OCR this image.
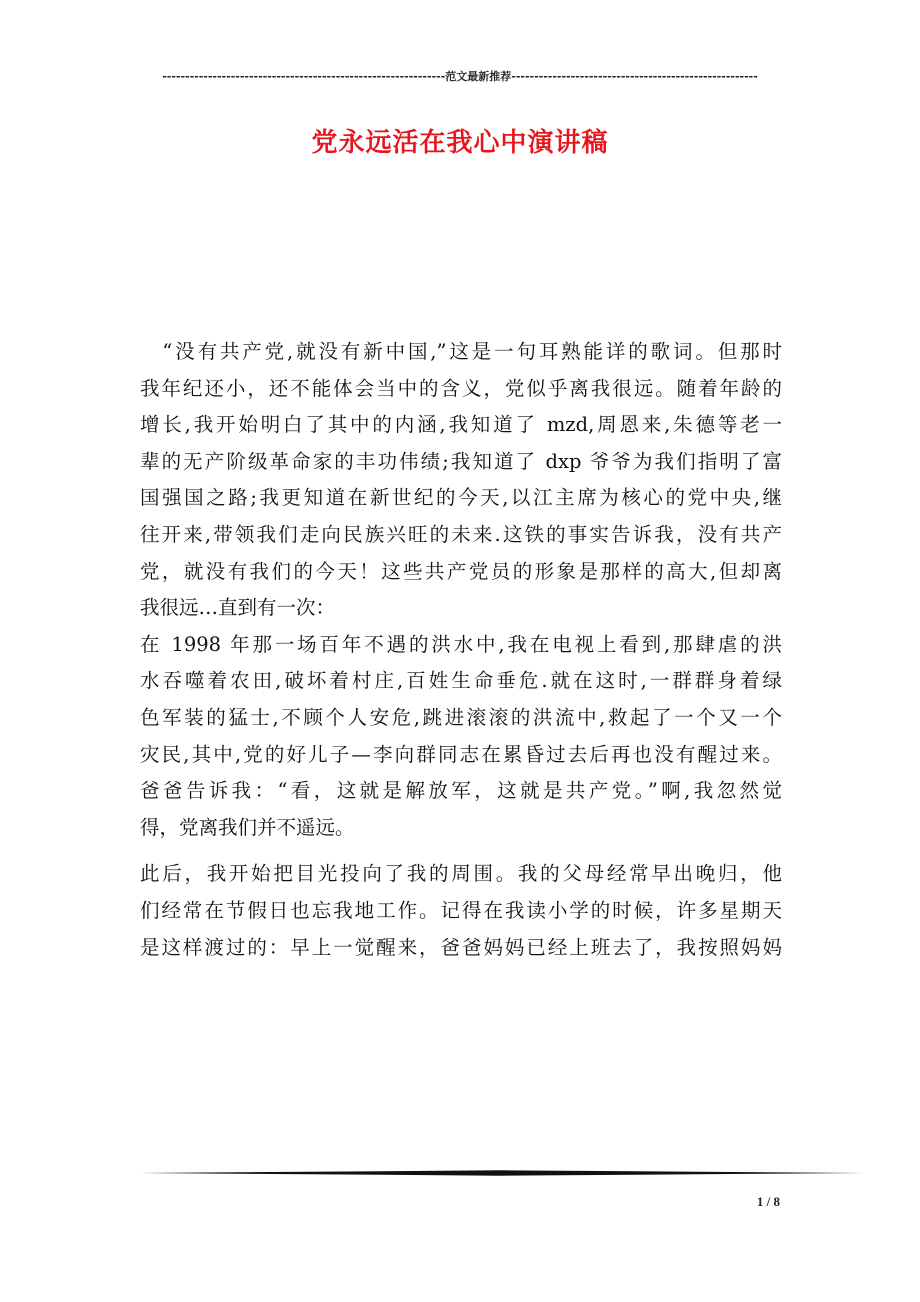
--------------------------------------------------------------范文最新推荐------------------------------------------------------
党永远活在我心中演讲稿
　“没有共产党,就没有新中国,”这是一句耳熟能详的歌词。但那时
我年纪还小，还不能体会当中的含义，党似乎离我很远。随着年龄的
增长,我开始明白了其中的内涵,我知道了 mzd,周恩来,朱德等老一
辈的无产阶级革命家的丰功伟绩;我知道了 dxp 爷爷为我们指明了富
国强国之路;我更知道在新世纪的今天,以江主席为核心的党中央,继
往开来,带领我们走向民族兴旺的未来.这铁的事实告诉我，没有共产
党，就没有我们的今天！这些共产党员的形象是那样的高大,但却离
我很远…直到有一次：
在 1998 年那一场百年不遇的洪水中,我在电视上看到,那肆虐的洪
水吞噬着农田,破坏着村庄,百姓生命垂危.就在这时,一群群身着绿
色军装的猛士,不顾个人安危,跳进滚滚的洪流中,救起了一个又一个
灾民,其中,党的好儿子—李向群同志在累昏过去后再也没有醒过来。
爸爸告诉我：“看，这就是解放军，这就是共产党。”啊,我忽然觉
得，党离我们并不遥远。
此后，我开始把目光投向了我的周围。我的父母经常早出晚归，他
们经常在节假日也忘我地工作。记得在我读小学的时候，许多星期天
是这样渡过的：早上一觉醒来，爸爸妈妈已经上班去了，我按照妈妈
1 / 8
